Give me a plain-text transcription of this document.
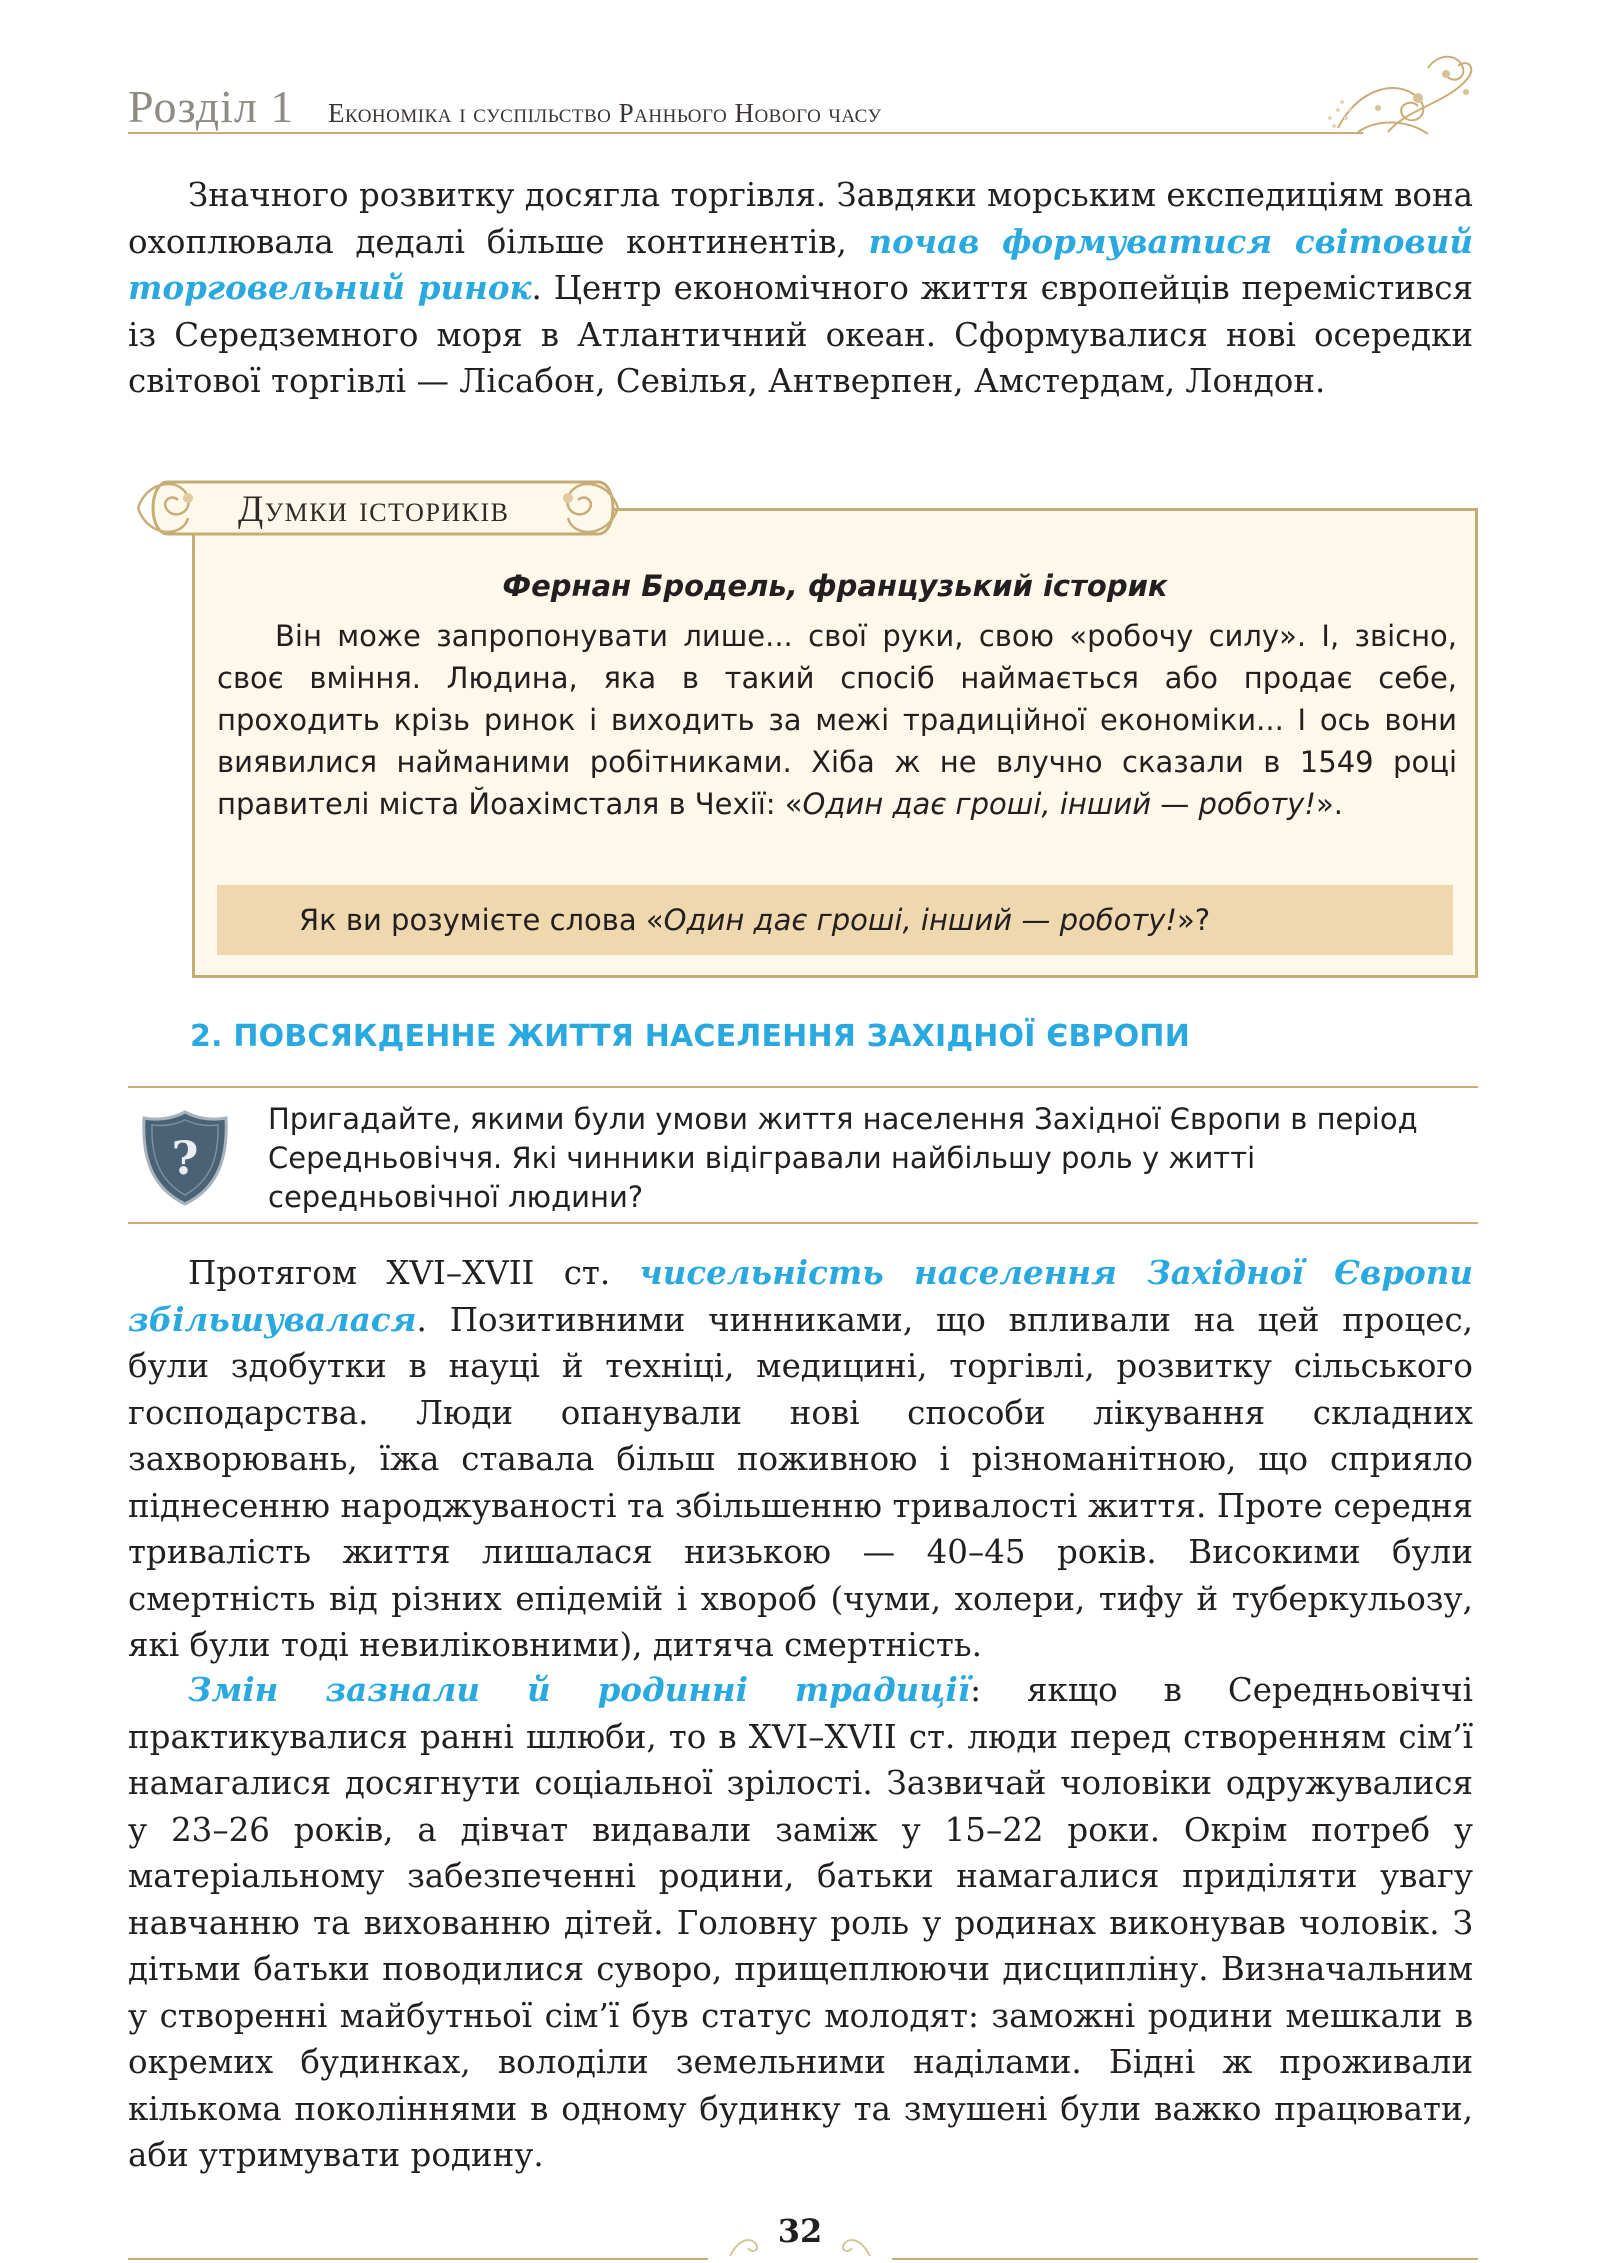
Розділ 1 Економіка і суспільство Раннього Нового часу

Значного розвитку досягла торгівля. Завдяки морським експедиціям вона охоплювала дедалі більше континентів, почав формуватися світовий торговельний ринок. Центр економічного життя європейців перемістився із Середземного моря в Атлантичний океан. Сформувалися нові осередки світової торгівлі — Лісабон, Севілья, Антверпен, Амстердам, Лондон.

Фернан Бродель, французький історик

Він може запропонувати лише... свої руки, свою «робочу силу». І, звісно, своє вміння. Людина, яка в такий спосіб наймається або продає себе, проходить крізь ринок і виходить за межі традиційної економіки... І ось вони виявилися найманими робітниками. Хіба ж не влучно сказали в 1549 році правителі міста Йоахімсталя в Чехії: «Один дає гроші, інший — роботу!».

Як ви розумієте слова «Один дає гроші, інший — роботу!»?
Думки істориків
2. ПОВСЯКДЕННЕ ЖИТТЯ НАСЕЛЕННЯ ЗАХІДНОЇ ЄВРОПИ
?

Пригадайте, якими були умови життя населення Західної Європи в період Середньовіччя. Які чинники відігравали найбільшу роль у житті середньовічної людини?

Протягом XVI–XVII ст. чисельність населення Західної Європи збільшувалася. Позитивними чинниками, що впливали на цей процес, були здобутки в науці й техніці, медицині, торгівлі, розвитку сільського господарства. Люди опанували нові способи лікування складних захворювань, їжа ставала більш поживною і різноманітною, що сприяло піднесенню народжуваності та збільшенню тривалості життя. Проте середня тривалість життя лишалася низькою — 40–45 років. Високими були смертність від різних епідемій і хвороб (чуми, холери, тифу й туберкульозу, які були тоді невиліковними), дитяча смертність.

Змін зазнали й родинні традиції: якщо в Середньовіччі практикувалися ранні шлюби, то в XVI–XVII ст. люди перед створенням сім’ї намагалися досягнути соціальної зрілості. Зазвичай чоловіки одружувалися у 23–26 років, а дівчат видавали заміж у 15–22 роки. Окрім потреб у матеріальному забезпеченні родини, батьки намагалися приділяти увагу навчанню та вихованню дітей. Головну роль у родинах виконував чоловік. З дітьми батьки поводилися суворо, прищеплюючи дисципліну. Визначальним у створенні майбутньої сім’ї був статус молодят: заможні родини мешкали в окремих будинках, володіли земельними наділами. Бідні ж проживали кількома поколіннями в одному будинку та змушені були важко працювати, аби утримувати родину.

32
